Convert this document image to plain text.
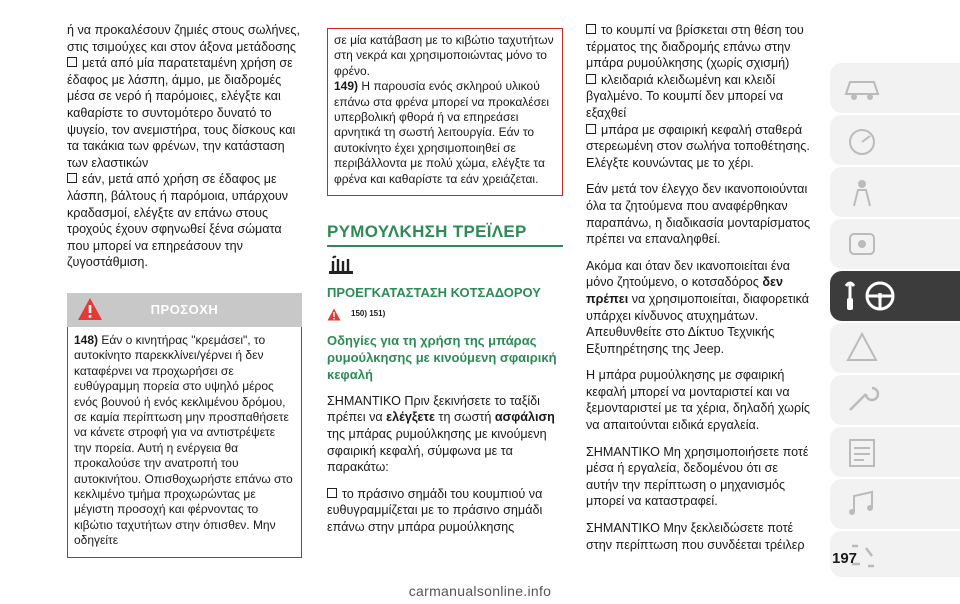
ή να προκαλέσουν ζημιές στους σωλήνες, στις τσιμούχες και στον άξονα μετάδοσης

μετά από μία παρατεταμένη χρήση σε έδαφος με λάσπη, άμμο, με διαδρομές μέσα σε νερό ή παρόμοιες, ελέγξτε και καθαρίστε το συντομότερο δυνατό το ψυγείο, τον ανεμιστήρα, τους δίσκους και τα τακάκια των φρένων, την κατάσταση των ελαστικών

εάν, μετά από χρήση σε έδαφος με λάσπη, βάλτους ή παρόμοια, υπάρχουν κραδασμοί, ελέγξτε αν επάνω στους τροχούς έχουν σφηνωθεί ξένα σώματα που μπορεί να επηρεάσουν την ζυγοστάθμιση.

ΠΡΟΣΟΧΗ
148) Εάν ο κινητήρας "κρεμάσει", το αυτοκίνητο παρεκκλίνει/γέρνει ή δεν καταφέρνει να προχωρήσει σε ευθύγραμμη πορεία στο υψηλό μέρος ενός βουνού ή ενός κεκλιμένου δρόμου, σε καμία περίπτωση μην προσπαθήσετε να κάνετε στροφή για να αντιστρέψετε την πορεία. Αυτή η ενέργεια θα προκαλούσε την ανατροπή του αυτοκινήτου. Οπισθοχωρήστε επάνω στο κεκλιμένο τμήμα προχωρώντας με μέγιστη προσοχή και φέρνοντας το κιβώτιο ταχυτήτων στην όπισθεν. Μην οδηγείτε

σε μία κατάβαση με το κιβώτιο ταχυτήτων στη νεκρά και χρησιμοποιώντας μόνο το φρένο.

149) Η παρουσία ενός σκληρού υλικού επάνω στα φρένα μπορεί να προκαλέσει υπερβολική φθορά ή να επηρεάσει αρνητικά τη σωστή λειτουργία. Εάν το αυτοκίνητο έχει χρησιμοποιηθεί σε περιβάλλοντα με πολύ χώμα, ελέγξτε τα φρένα και καθαρίστε τα εάν χρειάζεται.

ΡΥΜΟΥΛΚΗΣΗ ΤΡΕΪΛΕΡ
ΠΡΟΕΓΚΑΤΑΣΤΑΣΗ ΚΟΤΣΑΔΟΡΟΥ
$^{150) 151)}$
Οδηγίες για τη χρήση της μπάρας ρυμούλκησης με κινούμενη σφαιρική κεφαλή

ΣΗΜΑΝΤΙΚΟ Πριν ξεκινήσετε το ταξίδι πρέπει να ελέγξετε τη σωστή ασφάλιση της μπάρας ρυμούλκησης με κινούμενη σφαιρική κεφαλή, σύμφωνα με τα παρακάτω:

το πράσινο σημάδι του κουμπιού να ευθυγραμμίζεται με το πράσινο σημάδι επάνω στην μπάρα ρυμούλκησης

το κουμπί να βρίσκεται στη θέση του τέρματος της διαδρομής επάνω στην μπάρα ρυμούλκησης (χωρίς σχισμή)

κλειδαριά κλειδωμένη και κλειδί βγαλμένο. Το κουμπί δεν μπορεί να εξαχθεί

μπάρα με σφαιρική κεφαλή σταθερά στερεωμένη στον σωλήνα τοποθέτησης. Ελέγξτε κουνώντας με το χέρι.

Εάν μετά τον έλεγχο δεν ικανοποιούνται όλα τα ζητούμενα που αναφέρθηκαν παραπάνω, η διαδικασία μονταρίσματος πρέπει να επαναληφθεί.

Ακόμα και όταν δεν ικανοποιείται ένα μόνο ζητούμενο, ο κοτσαδόρος δεν πρέπει να χρησιμοποιείται, διαφορετικά υπάρχει κίνδυνος ατυχημάτων. Απευθυνθείτε στο Δίκτυο Τεχνικής Εξυπηρέτησης της Jeep.

Η μπάρα ρυμούλκησης με σφαιρική κεφαλή μπορεί να μονταριστεί και να ξεμονταριστεί με τα χέρια, δηλαδή χωρίς να απαιτούνται ειδικά εργαλεία.

ΣΗΜΑΝΤΙΚΟ Μη χρησιμοποιήσετε ποτέ μέσα ή εργαλεία, δεδομένου ότι σε αυτήν την περίπτωση ο μηχανισμός μπορεί να καταστραφεί.

ΣΗΜΑΝΤΙΚΟ Μην ξεκλειδώσετε ποτέ στην περίπτωση που συνδέεται τρέιλερ

197
carmanualsonline.info
